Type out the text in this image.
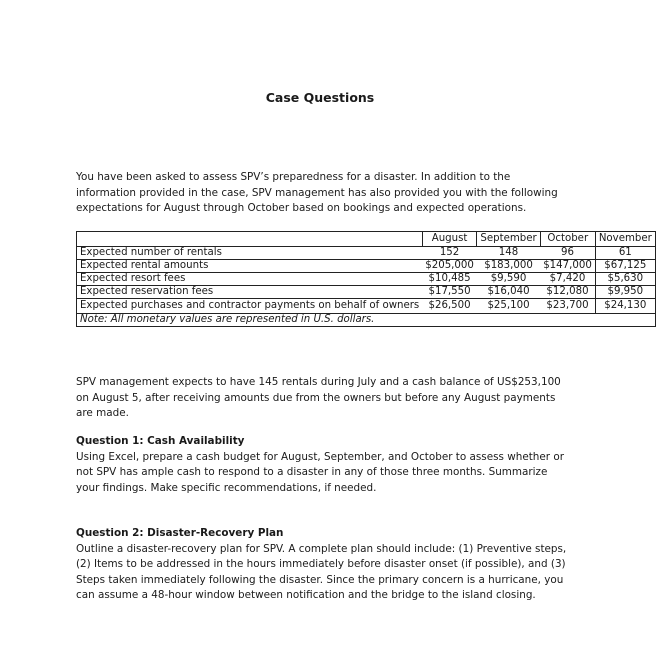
Case Questions

You have been asked to assess SPV’s preparedness for a disaster. In addition to the information provided in the case, SPV management has also provided you with the following expectations for August through October based on bookings and expected operations.

	August	September	October	November
Expected number of rentals	152	148	96	61
Expected rental amounts	$205,000	$183,000	$147,000	$67,125
Expected resort fees	$10,485	$9,590	$7,420	$5,630
Expected reservation fees	$17,550	$16,040	$12,080	$9,950
Expected purchases and contractor payments on behalf of owners	$26,500	$25,100	$23,700	$24,130
Note: All monetary values are represented in U.S. dollars.				

SPV management expects to have 145 rentals during July and a cash balance of US$253,100 on August 5, after receiving amounts due from the owners but before any August payments are made.

Question 1: Cash Availability

Using Excel, prepare a cash budget for August, September, and October to assess whether or not SPV has ample cash to respond to a disaster in any of those three months. Summarize your findings. Make specific recommendations, if needed.

Question 2: Disaster-Recovery Plan

Outline a disaster-recovery plan for SPV. A complete plan should include: (1) Preventive steps, (2) Items to be addressed in the hours immediately before disaster onset (if possible), and (3) Steps taken immediately following the disaster. Since the primary concern is a hurricane, you can assume a 48-hour window between notification and the bridge to the island closing.
